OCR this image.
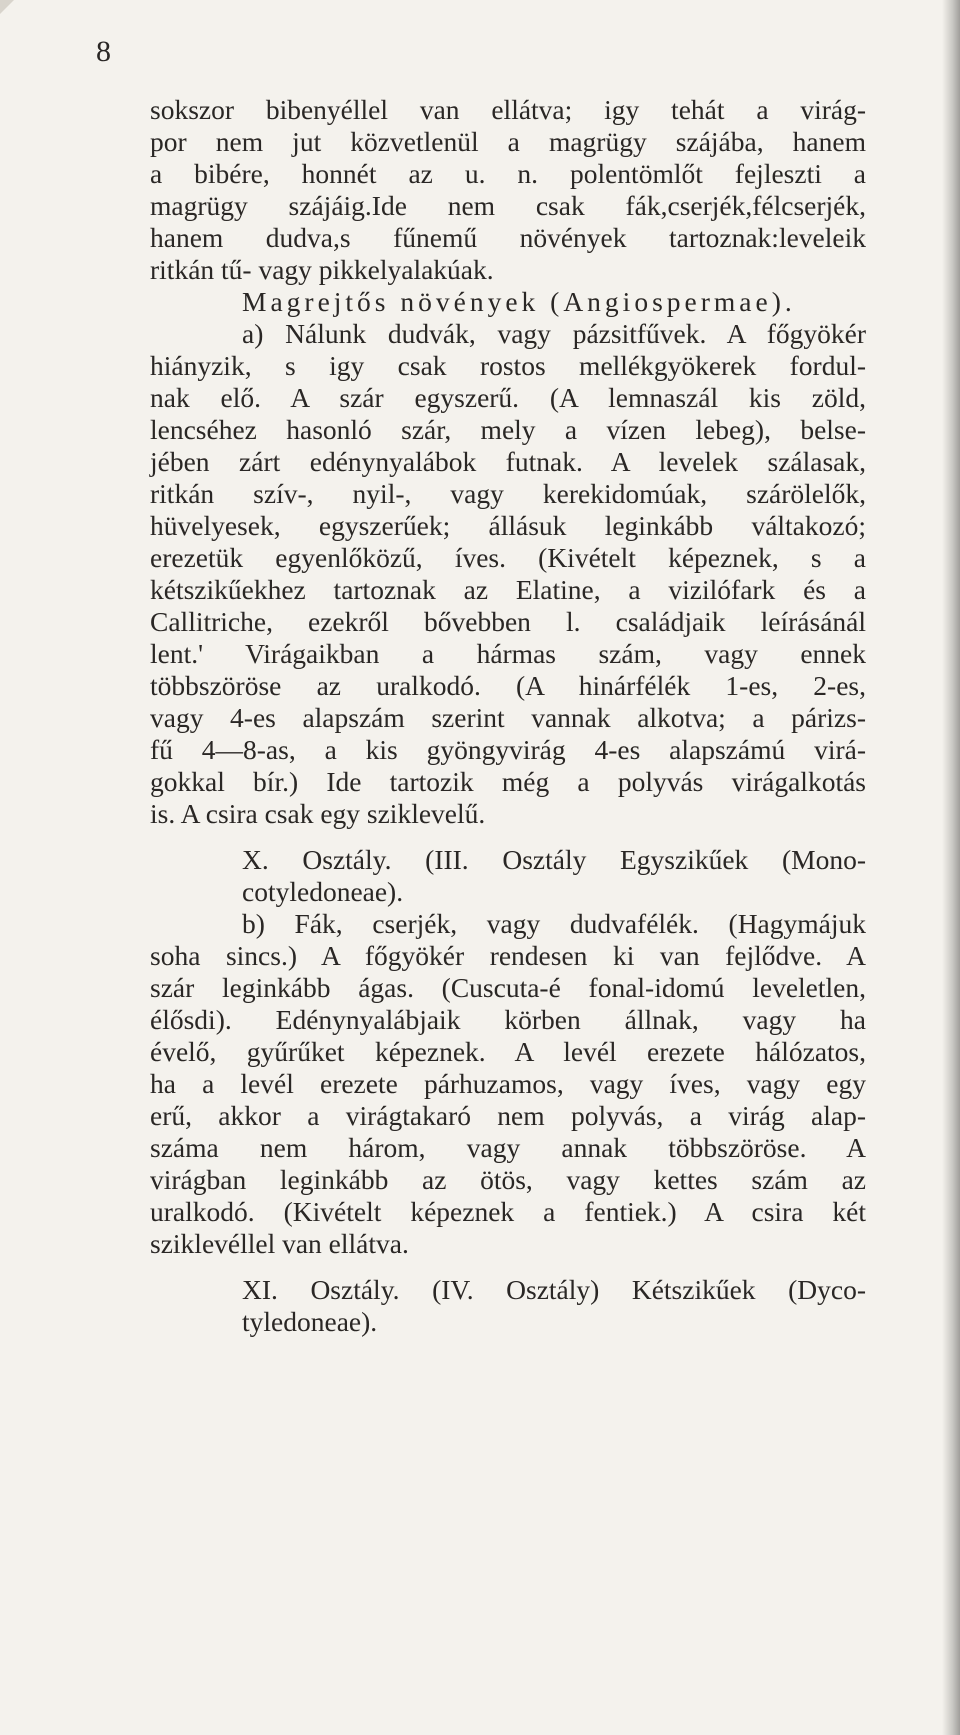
8
sokszor bibenyéllel van ellátva; igy tehát a virág-
por nem jut közvetlenül a magrügy szájába, hanem
a bibére, honnét az u. n. polentömlőt fejleszti a
magrügy szájáig.Ide nem csak fák,cserjék,félcserjék,
hanem dudva,s fűnemű növények tartoznak:leveleik
ritkán tű- vagy pikkelyalakúak.
Magrejtős növények (Angiospermae).
a) Nálunk dudvák, vagy pázsitfűvek. A főgyökér
hiányzik, s igy csak rostos mellékgyökerek fordul-
nak elő. A szár egyszerű. (A lemnaszál kis zöld,
lencséhez hasonló szár, mely a vízen lebeg), belse-
jében zárt edénynyalábok futnak. A levelek szálasak,
ritkán szív-, nyil-, vagy kerekidomúak, szárölelők,
hüvelyesek, egyszerűek; állásuk leginkább váltakozó;
erezetük egyenlőközű, íves. (Kivételt képeznek, s a
kétszikűekhez tartoznak az Elatine, a vizilófark és a
Callitriche, ezekről bővebben l. családjaik leírásánál
lent.' Virágaikban a hármas szám, vagy ennek
többszöröse az uralkodó. (A hinárfélék 1-es, 2-es,
vagy 4-es alapszám szerint vannak alkotva; a párizs-
fű 4—8-as, a kis gyöngyvirág 4-es alapszámú virá-
gokkal bír.) Ide tartozik még a polyvás virágalkotás
is. A csira csak egy sziklevelű.
X. Osztály. (III. Osztály Egyszikűek (Mono-
cotyledoneae).
b) Fák, cserjék, vagy dudvafélék. (Hagymájuk
soha sincs.) A főgyökér rendesen ki van fejlődve. A
szár leginkább ágas. (Cuscuta-é fonal-idomú leveletlen,
élősdi). Edénynyalábjaik körben állnak, vagy ha
évelő, gyűrűket képeznek. A levél erezete hálózatos,
ha a levél erezete párhuzamos, vagy íves, vagy egy
erű, akkor a virágtakaró nem polyvás, a virág alap-
száma nem három, vagy annak többszöröse. A
virágban leginkább az ötös, vagy kettes szám az
uralkodó. (Kivételt képeznek a fentiek.) A csira két
sziklevéllel van ellátva.
XI. Osztály. (IV. Osztály) Kétszikűek (Dyco-
tyledoneae).
